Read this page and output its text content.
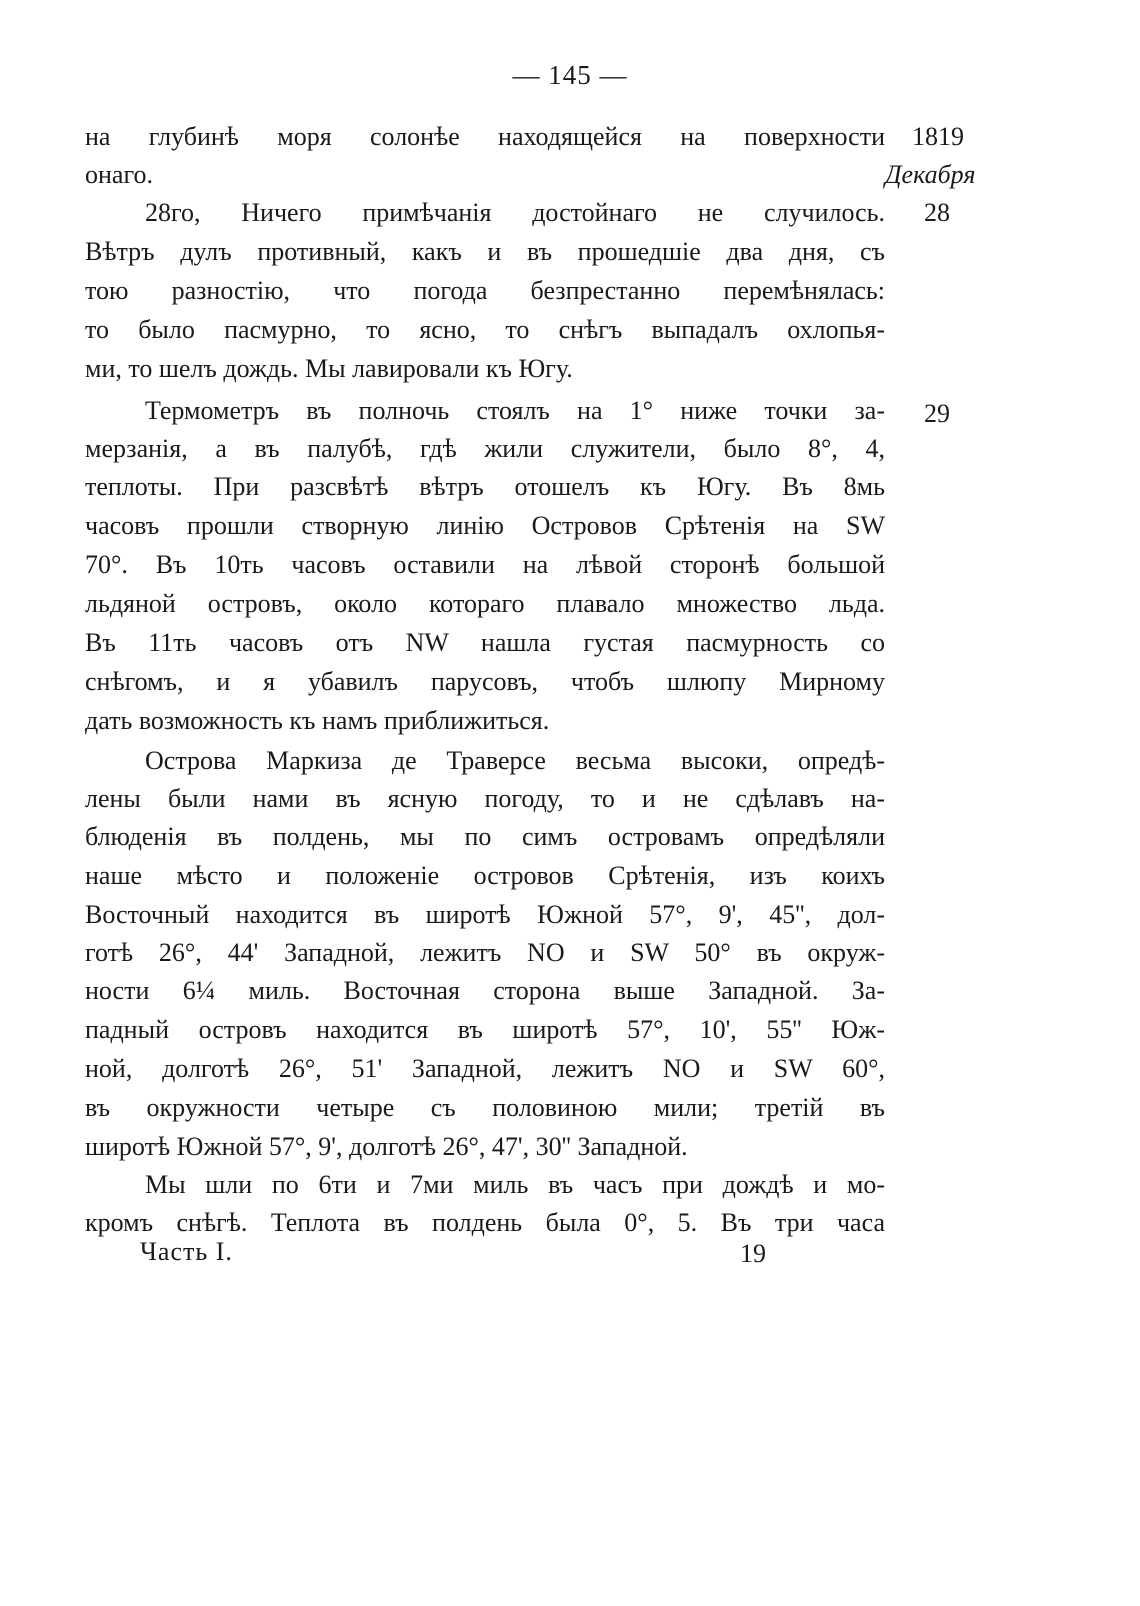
— 145 —
1819
Декабря
28
29
на глубинѣ моря солонѣе находящейся на поверхности
онаго.
28го, Ничего примѣчанія достойнаго не случилось.
Вѣтръ дулъ противный, какъ и въ прошедшіе два дня, съ
тою разностію, что погода безпрестанно перемѣнялась:
то было пасмурно, то ясно, то снѣгъ выпадалъ охлопья-
ми, то шелъ дождь. Мы лавировали къ Югу.
Термометръ въ полночь стоялъ на 1° ниже точки за-
мерзанія, а въ палубѣ, гдѣ жили служители, было 8°, 4,
теплоты. При разсвѣтѣ вѣтръ отошелъ къ Югу. Въ 8мь
часовъ прошли створную линію Островов Срѣтенія на SW
70°. Въ 10ть часовъ оставили на лѣвой сторонѣ большой
льдяной островъ, около котораго плавало множество льда.
Въ 11ть часовъ отъ NW нашла густая пасмурность со
снѣгомъ, и я убавилъ парусовъ, чтобъ шлюпу Мирному
дать возможность къ намъ приближиться.
Острова Маркиза де Траверсе весьма высоки, опредѣ-
лены были нами въ ясную погоду, то и не сдѣлавъ на-
блюденія въ полдень, мы по симъ островамъ опредѣляли
наше мѣсто и положеніе островов Срѣтенія, изъ коихъ
Восточный находится въ широтѣ Южной 57°, 9', 45'', дол-
готѣ 26°, 44' Западной, лежитъ NO и SW 50° въ окруж-
ности 6¼ миль. Восточная сторона выше Западной. За-
падный островъ находится въ широтѣ 57°, 10', 55'' Юж-
ной, долготѣ 26°, 51' Западной, лежитъ NO и SW 60°,
въ окружности четыре съ половиною мили; третій въ
широтѣ Южной 57°, 9', долготѣ 26°, 47', 30'' Западной.
Мы шли по 6ти и 7ми миль въ часъ при дождѣ и мо-
кромъ снѣгѣ. Теплота въ полдень была 0°, 5. Въ три часа
Часть I.	19
